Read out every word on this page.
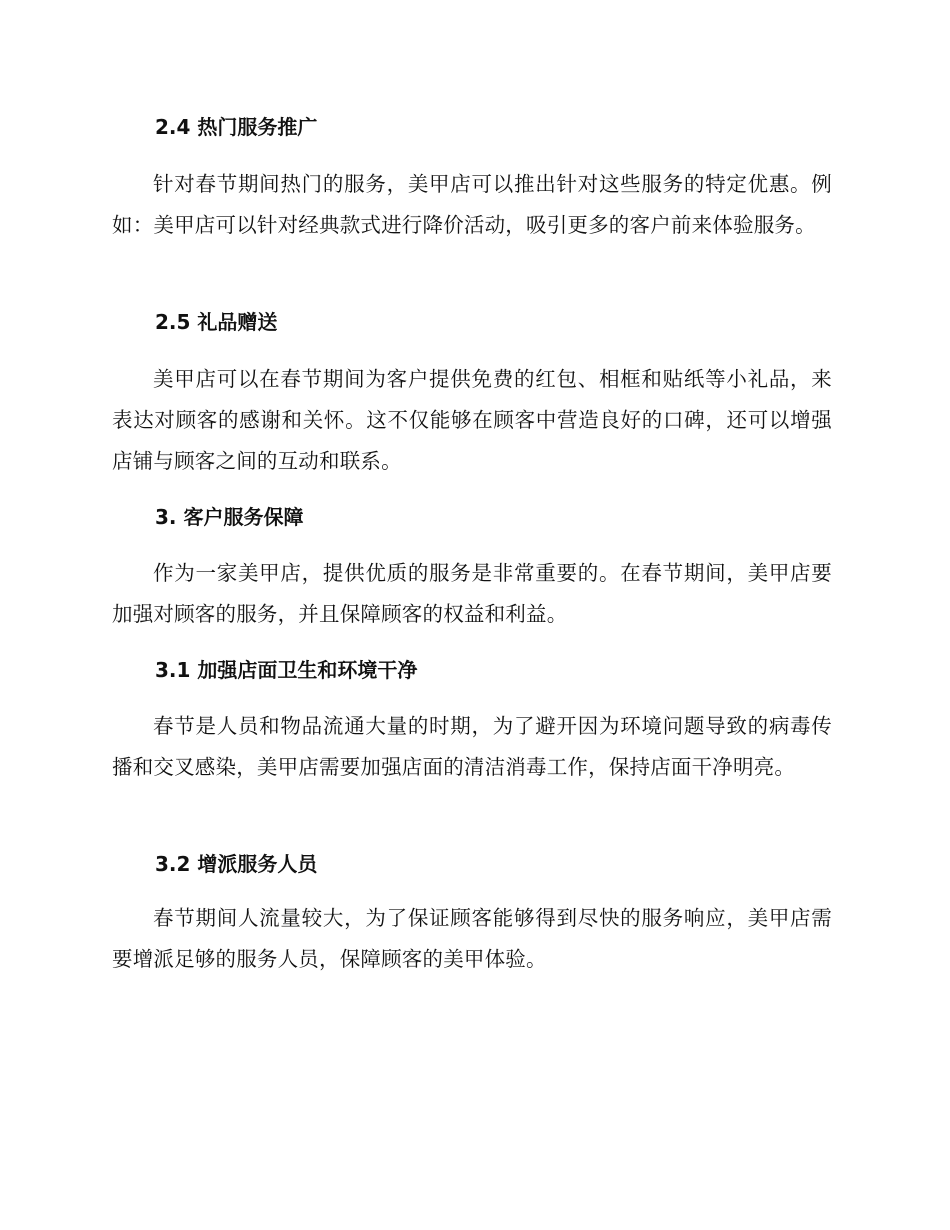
2.4 热门服务推广
针对春节期间热门的服务，美甲店可以推出针对这些服务的特定优惠。例如：美甲店可以针对经典款式进行降价活动，吸引更多的客户前来体验服务。
2.5 礼品赠送
美甲店可以在春节期间为客户提供免费的红包、相框和贴纸等小礼品，来表达对顾客的感谢和关怀。这不仅能够在顾客中营造良好的口碑，还可以增强店铺与顾客之间的互动和联系。
3. 客户服务保障
作为一家美甲店，提供优质的服务是非常重要的。在春节期间，美甲店要加强对顾客的服务，并且保障顾客的权益和利益。
3.1 加强店面卫生和环境干净
春节是人员和物品流通大量的时期，为了避开因为环境问题导致的病毒传播和交叉感染，美甲店需要加强店面的清洁消毒工作，保持店面干净明亮。
3.2 增派服务人员
春节期间人流量较大，为了保证顾客能够得到尽快的服务响应，美甲店需要增派足够的服务人员，保障顾客的美甲体验。
